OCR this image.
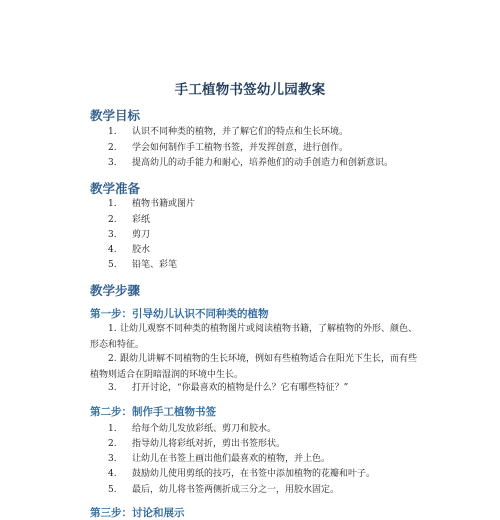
手工植物书签幼儿园教案
教学目标
1. 认识不同种类的植物，并了解它们的特点和生长环境。
2. 学会如何制作手工植物书签，并发挥创意，进行创作。
3. 提高幼儿的动手能力和耐心，培养他们的动手创造力和创新意识。
教学准备
1. 植物书籍或图片
2. 彩纸
3. 剪刀
4. 胶水
5. 铅笔、彩笔
教学步骤
第一步：引导幼儿认识不同种类的植物
1. 让幼儿观察不同种类的植物图片或阅读植物书籍，了解植物的外形、颜色、形态和特征。
2. 跟幼儿讲解不同植物的生长环境，例如有些植物适合在阳光下生长，而有些植物则适合在阴暗湿润的环境中生长。
3. 打开讨论，“你最喜欢的植物是什么？它有哪些特征？”
第二步：制作手工植物书签
1. 给每个幼儿发放彩纸、剪刀和胶水。
2. 指导幼儿将彩纸对折，剪出书签形状。
3. 让幼儿在书签上画出他们最喜欢的植物，并上色。
4. 鼓励幼儿使用剪纸的技巧，在书签中添加植物的花瓣和叶子。
5. 最后，幼儿将书签两侧折成三分之一，用胶水固定。
第三步：讨论和展示
